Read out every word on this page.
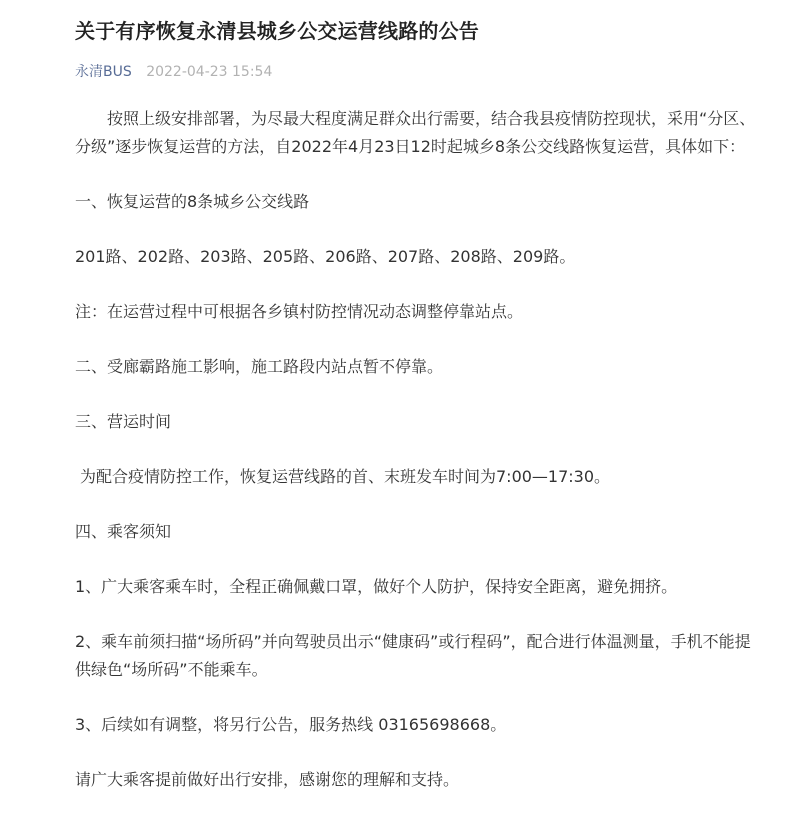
关于有序恢复永清县城乡公交运营线路的公告
永清BUS 2022-04-23 15:54

按照上级安排部署，为尽最大程度满足群众出行需要，结合我县疫情防控现状，采用“分区、分级”逐步恢复运营的方法，自2022年4月23日12时起城乡8条公交线路恢复运营，具体如下：

一、恢复运营的8条城乡公交线路

201路、202路、203路、205路、206路、207路、208路、209路。

注：在运营过程中可根据各乡镇村防控情况动态调整停靠站点。

二、受廊霸路施工影响，施工路段内站点暂不停靠。

三、营运时间

为配合疫情防控工作，恢复运营线路的首、末班发车时间为7:00—17:30。

四、乘客须知

1、广大乘客乘车时，全程正确佩戴口罩，做好个人防护，保持安全距离，避免拥挤。

2、乘车前须扫描“场所码”并向驾驶员出示“健康码”或行程码”，配合进行体温测量，手机不能提供绿色“场所码”不能乘车。

3、后续如有调整，将另行公告，服务热线 03165698668。

请广大乘客提前做好出行安排，感谢您的理解和支持。
